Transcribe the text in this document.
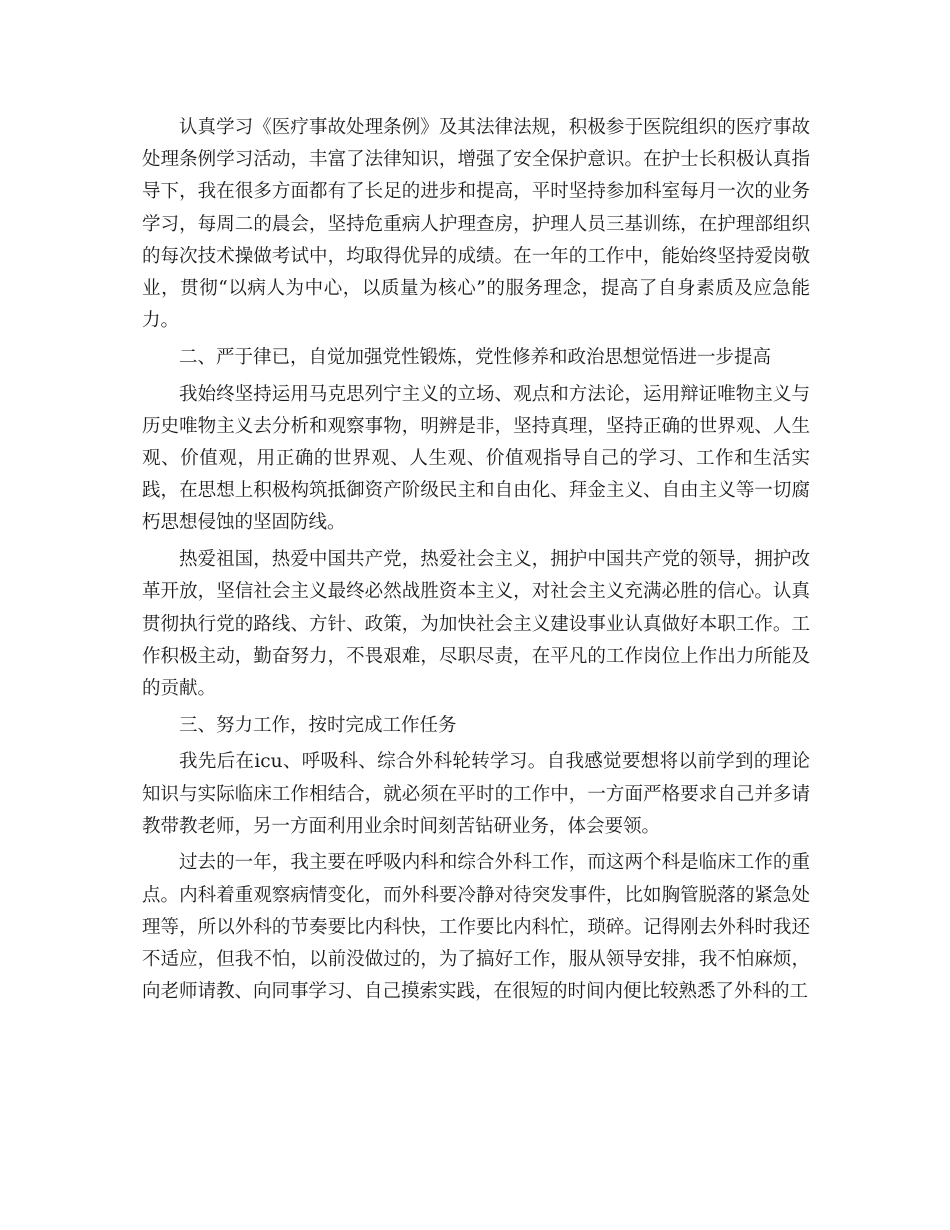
认真学习《医疗事故处理条例》及其法律法规，积极参于医院组织的医疗事故处理条例学习活动，丰富了法律知识，增强了安全保护意识。在护士长积极认真指导下，我在很多方面都有了长足的进步和提高，平时坚持参加科室每月一次的业务学习，每周二的晨会，坚持危重病人护理查房，护理人员三基训练，在护理部组织的每次技术操做考试中，均取得优异的成绩。在一年的工作中，能始终坚持爱岗敬业，贯彻“以病人为中心，以质量为核心”的服务理念，提高了自身素质及应急能力。

二、严于律已，自觉加强党性锻炼，党性修养和政治思想觉悟进一步提高

我始终坚持运用马克思列宁主义的立场、观点和方法论，运用辩证唯物主义与历史唯物主义去分析和观察事物，明辨是非，坚持真理，坚持正确的世界观、人生观、价值观，用正确的世界观、人生观、价值观指导自己的学习、工作和生活实践，在思想上积极构筑抵御资产阶级民主和自由化、拜金主义、自由主义等一切腐朽思想侵蚀的坚固防线。

热爱祖国，热爱中国共产党，热爱社会主义，拥护中国共产党的领导，拥护改革开放，坚信社会主义最终必然战胜资本主义，对社会主义充满必胜的信心。认真贯彻执行党的路线、方针、政策，为加快社会主义建设事业认真做好本职工作。工作积极主动，勤奋努力，不畏艰难，尽职尽责，在平凡的工作岗位上作出力所能及的贡献。

三、努力工作，按时完成工作任务

我先后在icu、呼吸科、综合外科轮转学习。自我感觉要想将以前学到的理论知识与实际临床工作相结合，就必须在平时的工作中，一方面严格要求自己并多请教带教老师，另一方面利用业余时间刻苦钻研业务，体会要领。

过去的一年，我主要在呼吸内科和综合外科工作，而这两个科是临床工作的重点。内科着重观察病情变化，而外科要冷静对待突发事件，比如胸管脱落的紧急处理等，所以外科的节奏要比内科快，工作要比内科忙，琐碎。记得刚去外科时我还不适应，但我不怕，以前没做过的，为了搞好工作，服从领导安排，我不怕麻烦，向老师请教、向同事学习、自己摸索实践，在很短的时间内便比较熟悉了外科的工
